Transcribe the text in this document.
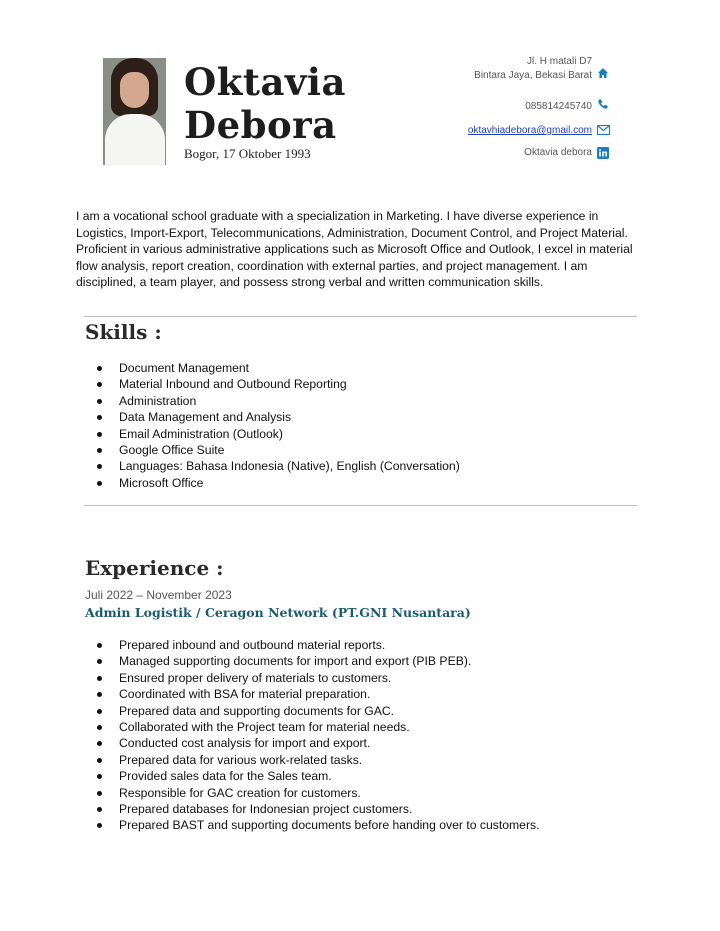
Oktavia
Debora
Bogor, 17 Oktober 1993
Jl. H matali D7
Bintara Jaya, Bekasi Barat
085814245740
oktavhiadebora@gmail.com
Oktavia debora
I am a vocational school graduate with a specialization in Marketing. I have diverse experience in Logistics, Import-Export, Telecommunications, Administration, Document Control, and Project Material. Proficient in various administrative applications such as Microsoft Office and Outlook, I excel in material flow analysis, report creation, coordination with external parties, and project management. I am disciplined, a team player, and possess strong verbal and written communication skills.
Skills :
Document Management
Material Inbound and Outbound Reporting
Administration
Data Management and Analysis
Email Administration (Outlook)
Google Office Suite
Languages: Bahasa Indonesia (Native), English (Conversation)
Microsoft Office
Experience :
Juli 2022 – November 2023
Admin Logistik / Ceragon Network (PT.GNI Nusantara)
Prepared inbound and outbound material reports.
Managed supporting documents for import and export (PIB PEB).
Ensured proper delivery of materials to customers.
Coordinated with BSA for material preparation.
Prepared data and supporting documents for GAC.
Collaborated with the Project team for material needs.
Conducted cost analysis for import and export.
Prepared data for various work-related tasks.
Provided sales data for the Sales team.
Responsible for GAC creation for customers.
Prepared databases for Indonesian project customers.
Prepared BAST and supporting documents before handing over to customers.
